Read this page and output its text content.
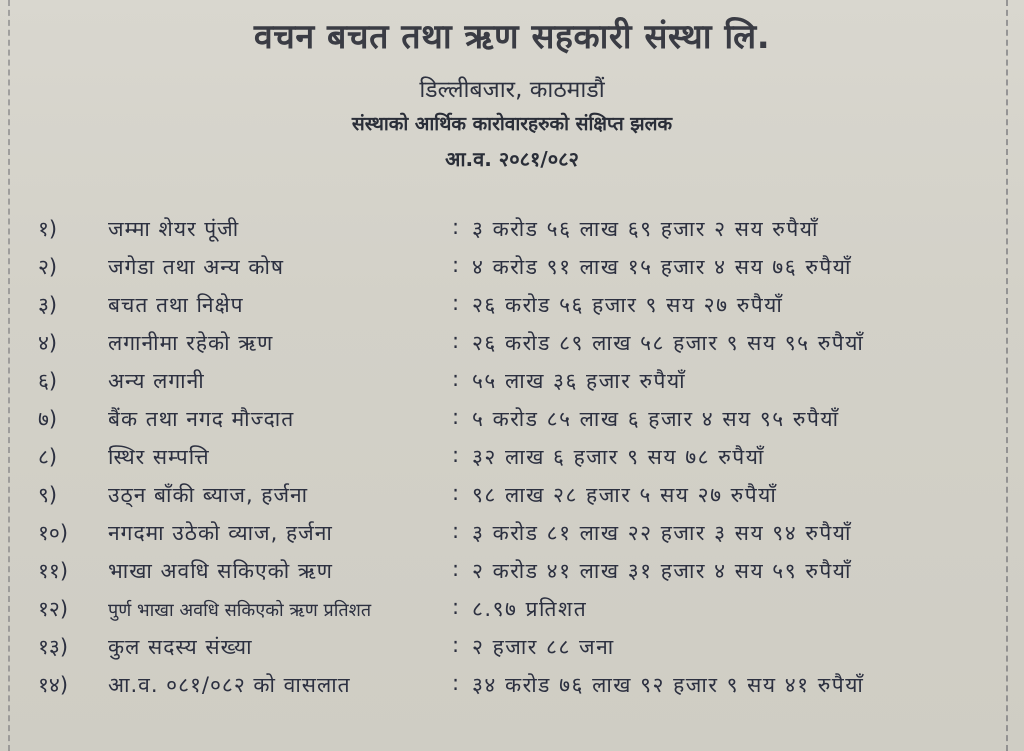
वचन बचत तथा ऋण सहकारी संस्था लि.
डिल्लीबजार, काठमाडौं
संस्थाको आर्थिक कारोवारहरुको संक्षिप्त झलक
आ.व. २०८१/०८२
१) जम्मा शेयर पूंजी	: ३ करोड ५६ लाख ६९ हजार २ सय रुपैयाँ
२) जगेडा तथा अन्य कोष	: ४ करोड ९१ लाख १५ हजार ४ सय ७६ रुपैयाँ
३) बचत तथा निक्षेप	: २६ करोड ५६ हजार ९ सय २७ रुपैयाँ
४) लगानीमा रहेको ऋण	: २६ करोड ८९ लाख ५८ हजार ९ सय ९५ रुपैयाँ
६) अन्य लगानी	: ५५ लाख ३६ हजार रुपैयाँ
७) बैंक तथा नगद मौज्दात	: ५ करोड ८५ लाख ६ हजार ४ सय ९५ रुपैयाँ
८) स्थिर सम्पत्ति	: ३२ लाख ६ हजार ९ सय ७८ रुपैयाँ
९) उठ्न बाँकी ब्याज, हर्जना	: ९८ लाख २८ हजार ५ सय २७ रुपैयाँ
१०) नगदमा उठेको व्याज, हर्जना	: ३ करोड ८१ लाख २२ हजार ३ सय ९४ रुपैयाँ
११) भाखा अवधि सकिएको ऋण	: २ करोड ४१ लाख ३१ हजार ४ सय ५९ रुपैयाँ
१२) पुर्ण भाखा अवधि सकिएको ऋण प्रतिशत	: ८.९७ प्रतिशत
१३) कुल सदस्य संख्या	: २ हजार ८८ जना
१४) आ.व. ०८१/०८२ को वासलात	: ३४ करोड ७६ लाख ९२ हजार ९ सय ४१ रुपैयाँ
